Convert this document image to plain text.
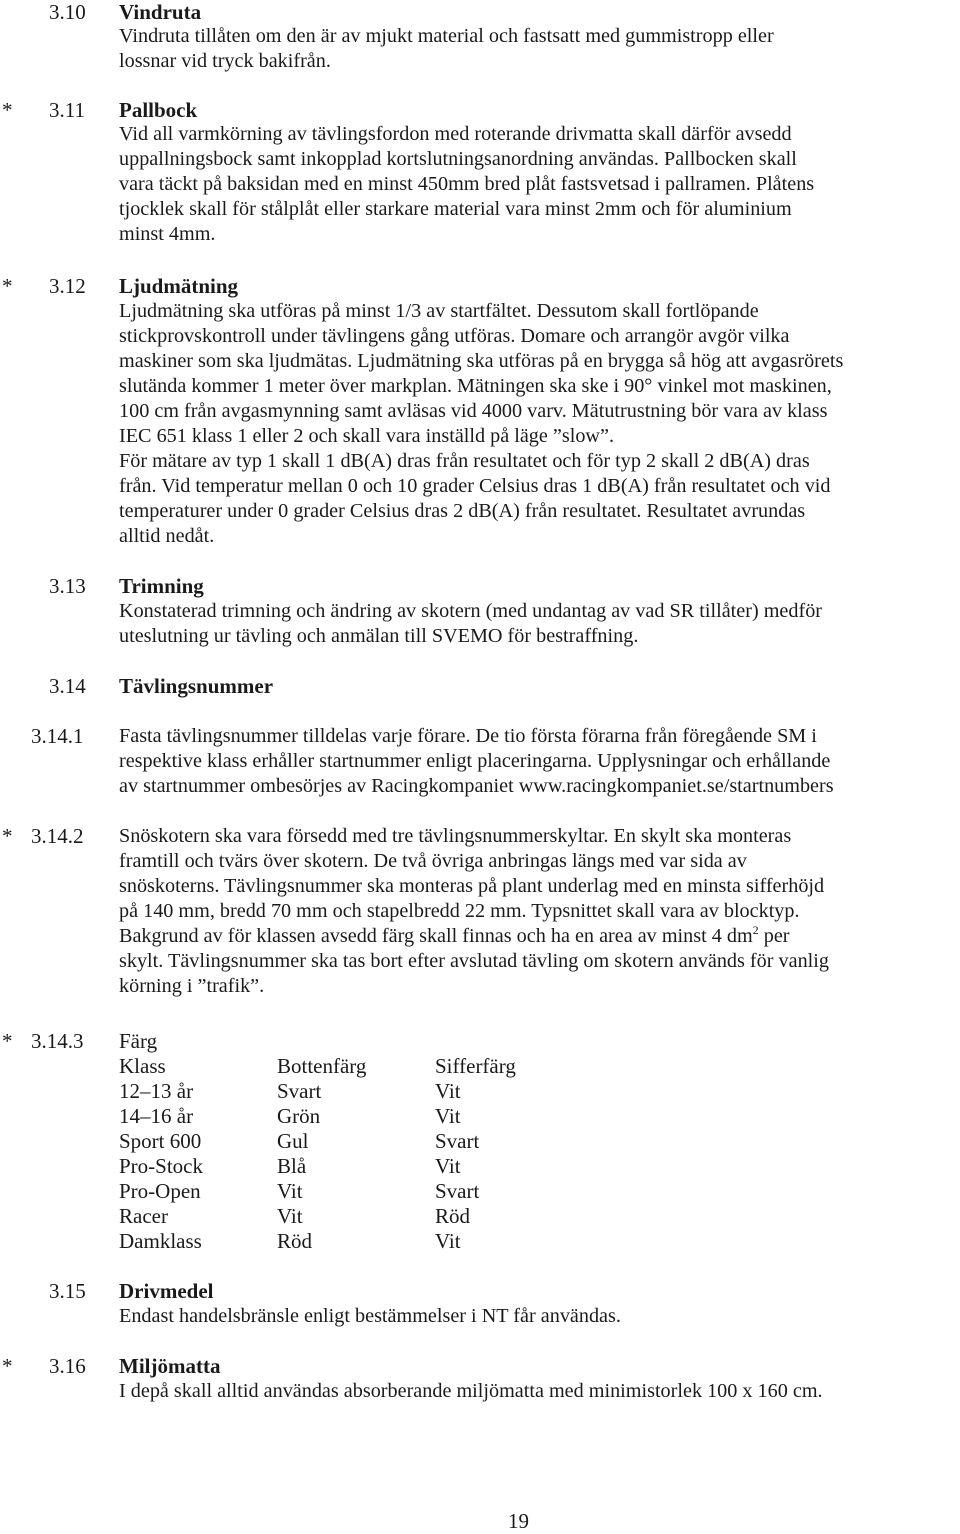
3.10 Vindruta
Vindruta tillåten om den är av mjukt material och fastsatt med gummistropp eller
lossnar vid tryck bakifrån.
* 3.11 Pallbock
Vid all varmkörning av tävlingsfordon med roterande drivmatta skall därför avsedd
uppallningsbock samt inkopplad kortslutningsanordning användas. Pallbocken skall
vara täckt på baksidan med en minst 450mm bred plåt fastsvetsad i pallramen. Plåtens
tjocklek skall för stålplåt eller starkare material vara minst 2mm och för aluminium
minst 4mm.
* 3.12 Ljudmätning
Ljudmätning ska utföras på minst 1/3 av startfältet. Dessutom skall fortlöpande
stickprovskontroll under tävlingens gång utföras. Domare och arrangör avgör vilka
maskiner som ska ljudmätas. Ljudmätning ska utföras på en brygga så hög att avgasrörets
slutända kommer 1 meter över markplan. Mätningen ska ske i 90° vinkel mot maskinen,
100 cm från avgasmynning samt avläsas vid 4000 varv. Mätutrustning bör vara av klass
IEC 651 klass 1 eller 2 och skall vara inställd på läge ”slow”.
För mätare av typ 1 skall 1 dB(A) dras från resultatet och för typ 2 skall 2 dB(A) dras
från. Vid temperatur mellan 0 och 10 grader Celsius dras 1 dB(A) från resultatet och vid
temperaturer under 0 grader Celsius dras 2 dB(A) från resultatet. Resultatet avrundas
alltid nedåt.
3.13 Trimning
Konstaterad trimning och ändring av skotern (med undantag av vad SR tillåter) medför
uteslutning ur tävling och anmälan till SVEMO för bestraffning.
3.14 Tävlingsnummer
3.14.1 Fasta tävlingsnummer tilldelas varje förare. De tio första förarna från föregående SM i
respektive klass erhåller startnummer enligt placeringarna. Upplysningar och erhållande
av startnummer ombesörjes av Racingkompaniet www.racingkompaniet.se/startnumbers
* 3.14.2 Snöskotern ska vara försedd med tre tävlingsnummerskyltar. En skylt ska monteras
framtill och tvärs över skotern. De två övriga anbringas längs med var sida av
snöskoterns. Tävlingsnummer ska monteras på plant underlag med en minsta sifferhöjd
på 140 mm, bredd 70 mm och stapelbredd 22 mm. Typsnittet skall vara av blocktyp.
Bakgrund av för klassen avsedd färg skall finnas och ha en area av minst 4 $dm^2$ per
skylt. Tävlingsnummer ska tas bort efter avslutad tävling om skotern används för vanlig
körning i ”trafik”.
* 3.14.3 Färg
Klass	Bottenfärg	Sifferfärg
12–13 år	Svart	Vit
14–16 år	Grön	Vit
Sport 600	Gul	Svart
Pro-Stock	Blå	Vit
Pro-Open	Vit	Svart
Racer	Vit	Röd
Damklass	Röd	Vit
3.15 Drivmedel
Endast handelsbränsle enligt bestämmelser i NT får användas.
* 3.16 Miljömatta
I depå skall alltid användas absorberande miljömatta med minimistorlek 100 x 160 cm.
19
